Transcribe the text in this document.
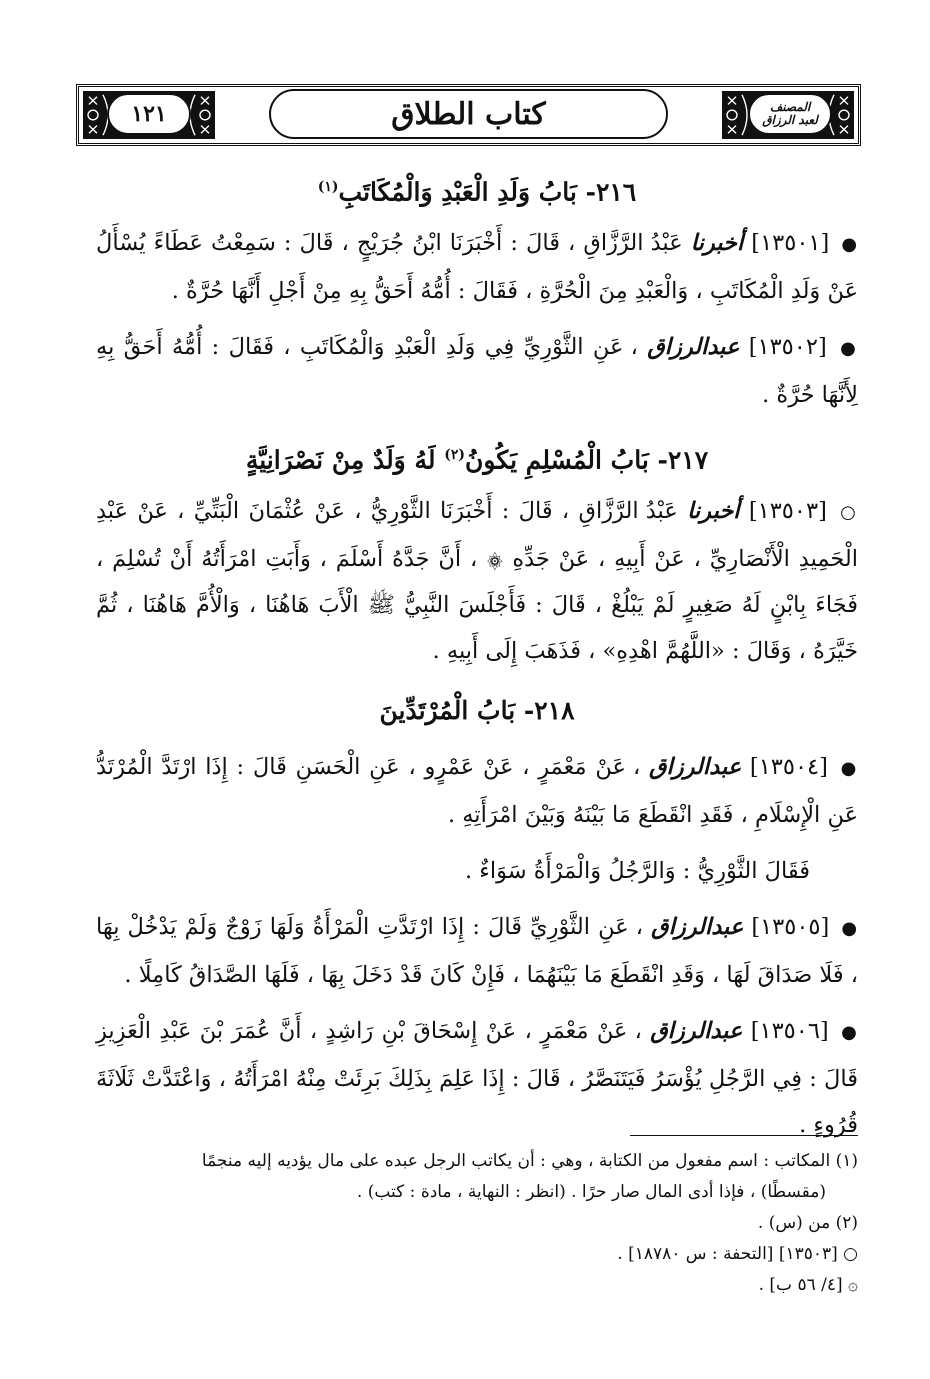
١٢١	المصنف
لعبد الرزاق
كتاب الطلاق
٢١٦- بَابُ وَلَدِ الْعَبْدِ وَالْمُكَاتَبِ$^{(١)}$

● [١٣٥٠١] أخبرنا عَبْدُ الرَّزَّاقِ ، قَالَ : أَخْبَرَنَا ابْنُ جُرَيْجٍ ، قَالَ : سَمِعْتُ عَطَاءً يُسْأَلُ عَنْ وَلَدِ الْمُكَاتَبِ ، وَالْعَبْدِ مِنَ الْحُرَّةِ ، فَقَالَ : أُمُّهُ أَحَقُّ بِهِ مِنْ أَجْلِ أَنَّهَا حُرَّةٌ .

● [١٣٥٠٢] عبدالرزاق ، عَنِ الثَّوْرِيِّ فِي وَلَدِ الْعَبْدِ وَالْمُكَاتَبِ ، فَقَالَ : أُمُّهُ أَحَقُّ بِهِ لِأَنَّهَا حُرَّةٌ .

٢١٧- بَابُ الْمُسْلِمِ يَكُونُ$^{(٢)}$ لَهُ وَلَدٌ مِنْ نَصْرَانِيَّةٍ

○ [١٣٥٠٣] أخبرنا عَبْدُ الرَّزَّاقِ ، قَالَ : أَخْبَرَنَا الثَّوْرِيُّ ، عَنْ عُثْمَانَ الْبَتِّيِّ ، عَنْ عَبْدِ الْحَمِيدِ الْأَنْصَارِيِّ ، عَنْ أَبِيهِ ، عَنْ جَدِّهِ ۞ ، أَنَّ جَدَّهُ أَسْلَمَ ، وَأَبَتِ امْرَأَتُهُ أَنْ تُسْلِمَ ، فَجَاءَ بِابْنٍ لَهُ صَغِيرٍ لَمْ يَبْلُغْ ، قَالَ : فَأَجْلَسَ النَّبِيُّ ﷺ الْأَبَ هَاهُنَا ، وَالْأُمَّ هَاهُنَا ، ثُمَّ خَيَّرَهُ ، وَقَالَ : «اللَّهُمَّ اهْدِهِ» ، فَذَهَبَ إِلَى أَبِيهِ .

٢١٨- بَابُ الْمُرْتَدِّينَ

● [١٣٥٠٤] عبدالرزاق ، عَنْ مَعْمَرٍ ، عَنْ عَمْرٍو ، عَنِ الْحَسَنِ قَالَ : إِذَا ارْتَدَّ الْمُرْتَدُّ عَنِ الْإِسْلَامِ ، فَقَدِ انْقَطَعَ مَا بَيْنَهُ وَبَيْنَ امْرَأَتِهِ .

فَقَالَ الثَّوْرِيُّ : وَالرَّجُلُ وَالْمَرْأَةُ سَوَاءٌ .

● [١٣٥٠٥] عبدالرزاق ، عَنِ الثَّوْرِيِّ قَالَ : إِذَا ارْتَدَّتِ الْمَرْأَةُ وَلَهَا زَوْجٌ وَلَمْ يَدْخُلْ بِهَا ، فَلَا صَدَاقَ لَهَا ، وَقَدِ انْقَطَعَ مَا بَيْنَهُمَا ، فَإِنْ كَانَ قَدْ دَخَلَ بِهَا ، فَلَهَا الصَّدَاقُ كَامِلًا .

● [١٣٥٠٦] عبدالرزاق ، عَنْ مَعْمَرٍ ، عَنْ إِسْحَاقَ بْنِ رَاشِدٍ ، أَنَّ عُمَرَ بْنَ عَبْدِ الْعَزِيزِ قَالَ : فِي الرَّجُلِ يُؤْسَرُ فَيَتَنَصَّرُ ، قَالَ : إِذَا عَلِمَ بِذَلِكَ بَرِئَتْ مِنْهُ امْرَأَتُهُ ، وَاعْتَدَّتْ ثَلَاثَةَ قُرُوءٍ .

(١) المكاتب : اسم مفعول من الكتابة ، وهي : أن يكاتب الرجل عبده على مال يؤديه إليه منجمًا
(مقسطًا) ، فإذا أدى المال صار حرًا . (انظر : النهاية ، مادة : كتب) .
(٢) من (س) .
○ [١٣٥٠٣] [التحفة : س ١٨٧٨٠] .
۞ [٤/ ٥٦ ب] .
